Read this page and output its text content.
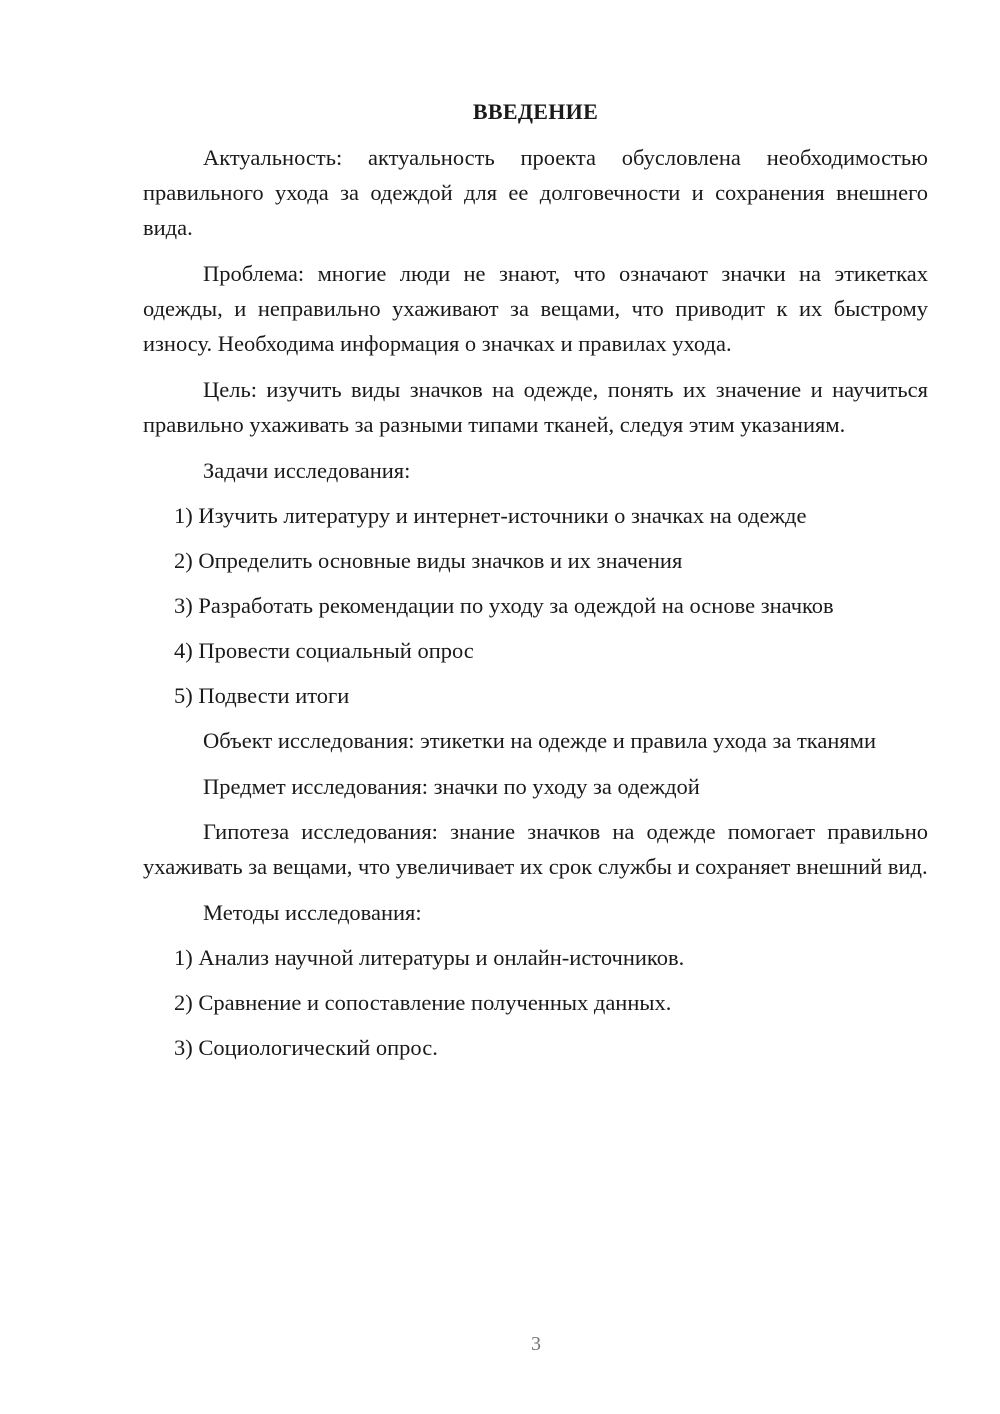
ВВЕДЕНИЕ
Актуальность: актуальность проекта обусловлена необходимостью правильного ухода за одеждой для ее долговечности и сохранения внешнего вида.
Проблема: многие люди не знают, что означают значки на этикетках одежды, и неправильно ухаживают за вещами, что приводит к их быстрому износу. Необходима информация о значках и правилах ухода.
Цель: изучить виды значков на одежде, понять их значение и научиться правильно ухаживать за разными типами тканей, следуя этим указаниям.
Задачи исследования:
1) Изучить литературу и интернет-источники о значках на одежде
2) Определить основные виды значков и их значения
3) Разработать рекомендации по уходу за одеждой на основе значков
4) Провести социальный опрос
5) Подвести итоги
Объект исследования: этикетки на одежде и правила ухода за тканями
Предмет исследования: значки по уходу за одеждой
Гипотеза исследования: знание значков на одежде помогает правильно ухаживать за вещами, что увеличивает их срок службы и сохраняет внешний вид.
Методы исследования:
1) Анализ научной литературы и онлайн-источников.
2) Сравнение и сопоставление полученных данных.
3) Социологический опрос.
3
